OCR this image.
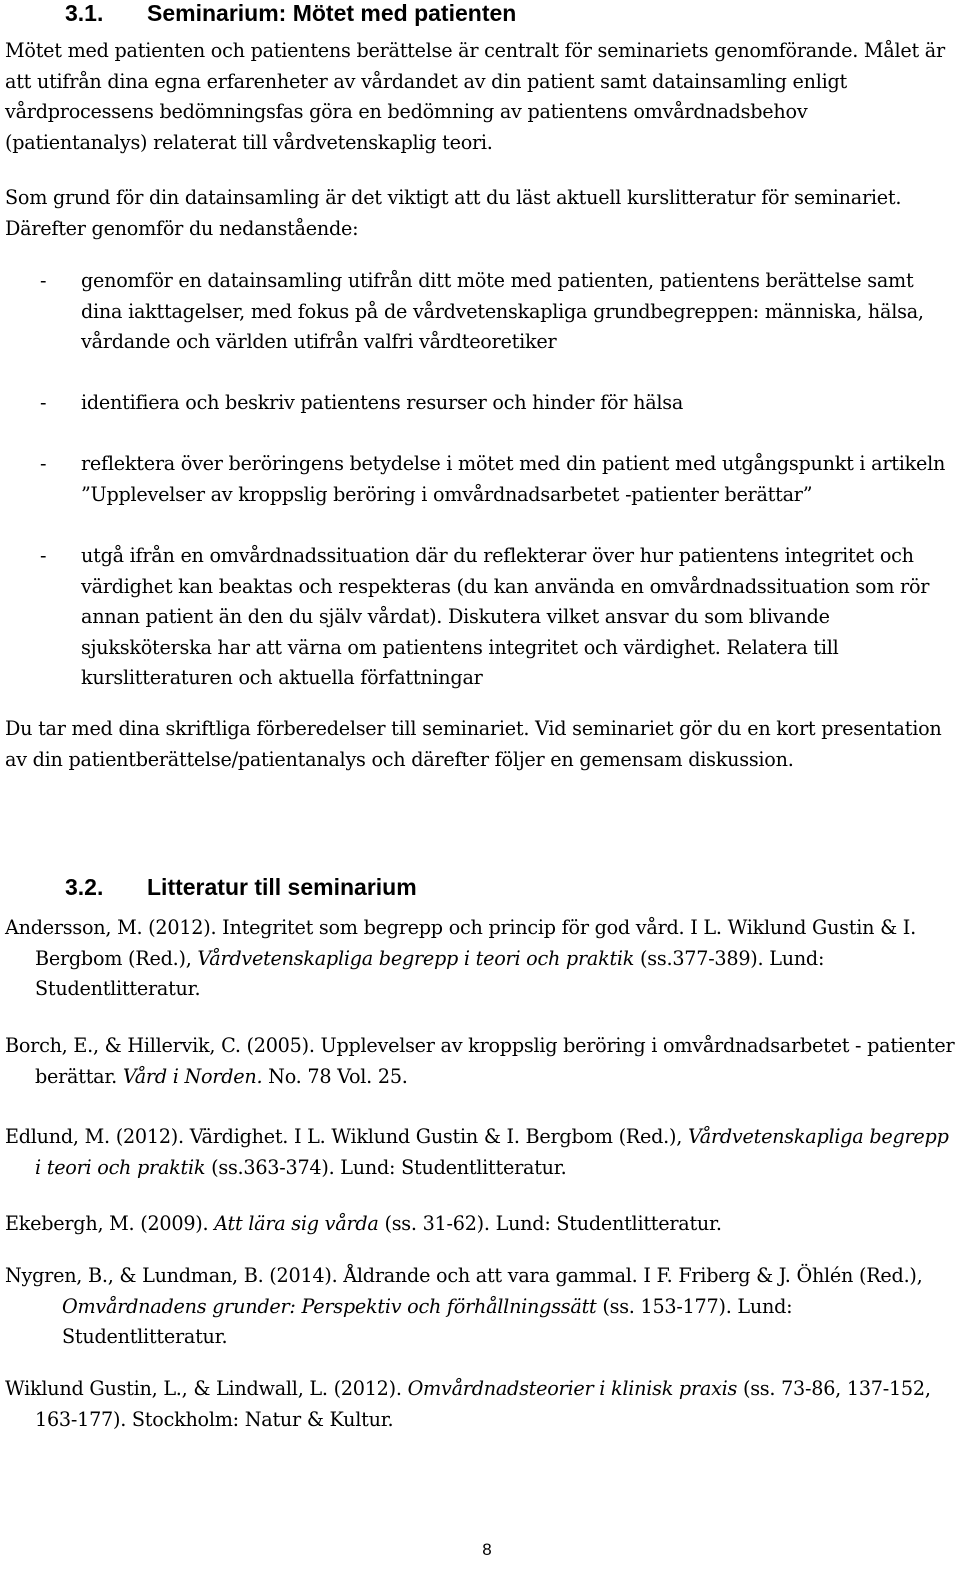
3.1.	Seminarium: Mötet med patienten

Mötet med patienten och patientens berättelse är centralt för seminariets genomförande. Målet är att utifrån dina egna erfarenheter av vårdandet av din patient samt datainsamling enligt vårdprocessens bedömningsfas göra en bedömning av patientens omvårdnadsbehov (patientanalys) relaterat till vårdvetenskaplig teori.

Som grund för din datainsamling är det viktigt att du läst aktuell kurslitteratur för seminariet. Därefter genomför du nedanstående:

-	genomför en datainsamling utifrån ditt möte med patienten, patientens berättelse samt dina iakttagelser, med fokus på de vårdvetenskapliga grundbegreppen: människa, hälsa, vårdande och världen utifrån valfri vårdteoretiker
-	identifiera och beskriv patientens resurser och hinder för hälsa
-	reflektera över beröringens betydelse i mötet med din patient med utgångspunkt i artikeln ”Upplevelser av kroppslig beröring i omvårdnadsarbetet -patienter berättar”
-	utgå ifrån en omvårdnadssituation där du reflekterar över hur patientens integritet och värdighet kan beaktas och respekteras (du kan använda en omvårdnadssituation som rör annan patient än den du själv vårdat). Diskutera vilket ansvar du som blivande sjuksköterska har att värna om patientens integritet och värdighet. Relatera till kurslitteraturen och aktuella författningar

Du tar med dina skriftliga förberedelser till seminariet. Vid seminariet gör du en kort presentation av din patientberättelse/patientanalys och därefter följer en gemensam diskussion.

3.2.	Litteratur till seminarium

Andersson, M. (2012). Integritet som begrepp och princip för god vård. I L. Wiklund Gustin & I. Bergbom (Red.), Vårdvetenskapliga begrepp i teori och praktik (ss.377-389). Lund: Studentlitteratur.

Borch, E., & Hillervik, C. (2005). Upplevelser av kroppslig beröring i omvårdnadsarbetet - patienter berättar. Vård i Norden. No. 78 Vol. 25.

Edlund, M. (2012). Värdighet. I L. Wiklund Gustin & I. Bergbom (Red.), Vårdvetenskapliga begrepp i teori och praktik (ss.363-374). Lund: Studentlitteratur.

Ekebergh, M. (2009). Att lära sig vårda (ss. 31-62). Lund: Studentlitteratur.

Nygren, B., & Lundman, B. (2014). Åldrande och att vara gammal. I F. Friberg & J. Öhlén (Red.), Omvårdnadens grunder: Perspektiv och förhållningssätt (ss. 153-177). Lund: Studentlitteratur.

Wiklund Gustin, L., & Lindwall, L. (2012). Omvårdnadsteorier i klinisk praxis (ss. 73-86, 137-152, 163-177). Stockholm: Natur & Kultur.

8
